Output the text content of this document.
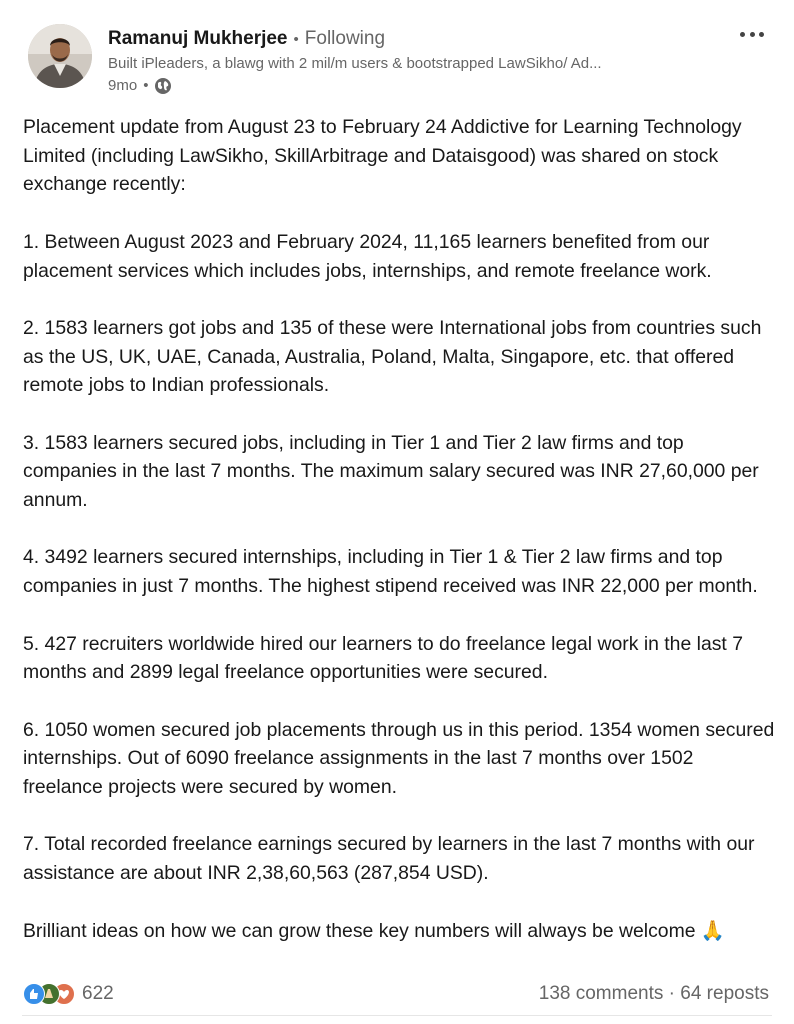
Ramanuj Mukherjee • Following
Built iPleaders, a blawg with 2 mil/m users & bootstrapped LawSikho/ Ad...
9mo •
Placement update from August 23 to February 24 Addictive for Learning Technology Limited (including LawSikho, SkillArbitrage and Dataisgood) was shared on stock exchange recently:
1. Between August 2023 and February 2024, 11,165 learners benefited from our placement services which includes jobs, internships, and remote freelance work.
2. 1583 learners got jobs and 135 of these were International jobs from countries such as the US, UK, UAE, Canada, Australia, Poland, Malta, Singapore, etc. that offered remote jobs to Indian professionals.
3. 1583 learners secured jobs, including in Tier 1 and Tier 2 law firms and top companies in the last 7 months. The maximum salary secured was INR 27,60,000 per annum.
4. 3492 learners secured internships, including in Tier 1 & Tier 2 law firms and top companies in just 7 months. The highest stipend received was INR 22,000 per month.
5. 427 recruiters worldwide hired our learners to do freelance legal work in the last 7 months and 2899 legal freelance opportunities were secured.
6. 1050 women secured job placements through us in this period. 1354 women secured internships. Out of 6090 freelance assignments in the last 7 months over 1502 freelance projects were secured by women.
7. Total recorded freelance earnings secured by learners in the last 7 months with our assistance are about INR 2,38,60,563 (287,854 USD).
Brilliant ideas on how we can grow these key numbers will always be welcome 🙏
622	138 comments · 64 reposts
